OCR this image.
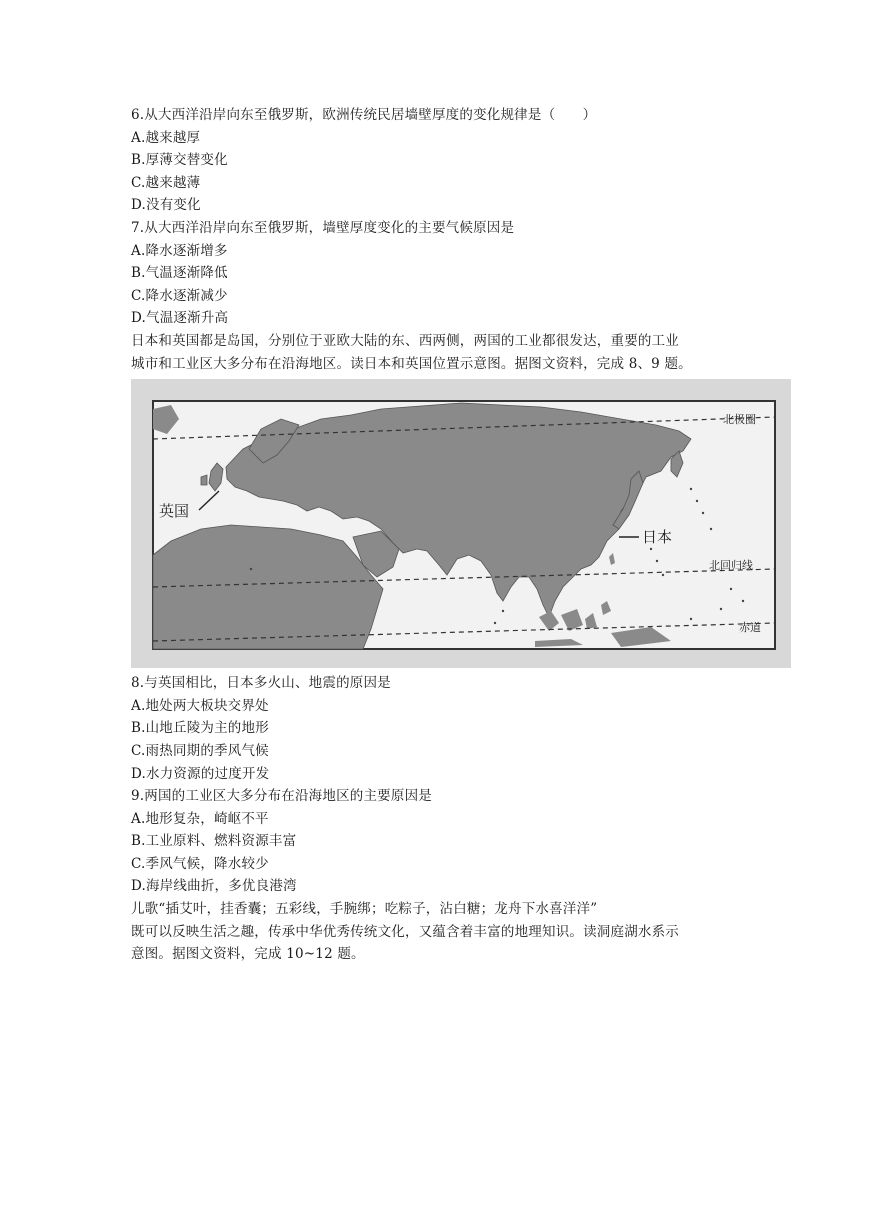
6.从大西洋沿岸向东至俄罗斯，欧洲传统民居墙壁厚度的变化规律是（　　）
A.越来越厚
B.厚薄交替变化
C.越来越薄
D.没有变化
7.从大西洋沿岸向东至俄罗斯，墙壁厚度变化的主要气候原因是
A.降水逐渐增多
B.气温逐渐降低
C.降水逐渐减少
D.气温逐渐升高
日本和英国都是岛国，分别位于亚欧大陆的东、西两侧，两国的工业都很发达，重要的工业
城市和工业区大多分布在沿海地区。读日本和英国位置示意图。据图文资料，完成 8、9 题。
英国
日本
北极圈
北回归线
赤道
8.与英国相比，日本多火山、地震的原因是
A.地处两大板块交界处
B.山地丘陵为主的地形
C.雨热同期的季风气候
D.水力资源的过度开发
9.两国的工业区大多分布在沿海地区的主要原因是
A.地形复杂，崎岖不平
B.工业原料、燃料资源丰富
C.季风气候，降水较少
D.海岸线曲折，多优良港湾
儿歌“插艾叶，挂香囊；五彩线，手腕绑；吃粽子，沾白糖；龙舟下水喜洋洋”
既可以反映生活之趣，传承中华优秀传统文化，又蕴含着丰富的地理知识。读洞庭湖水系示
意图。据图文资料，完成 10~12 题。
